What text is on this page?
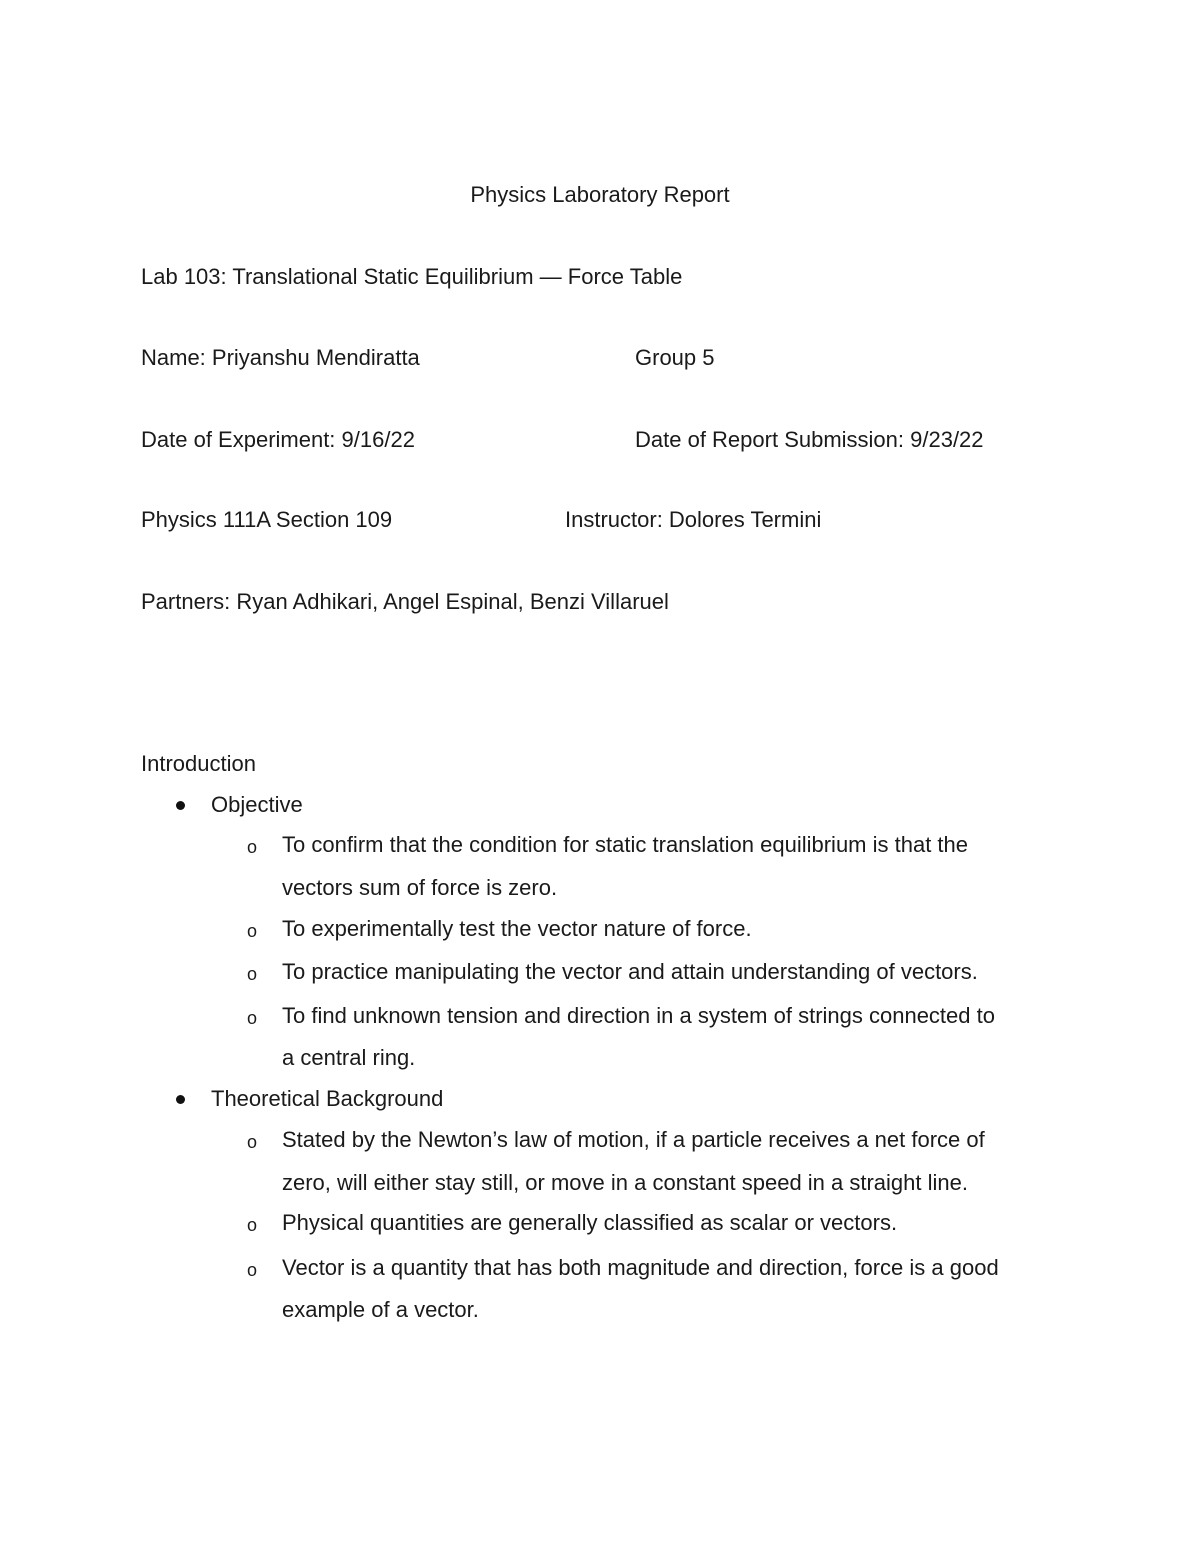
Physics Laboratory Report
Lab 103: Translational Static Equilibrium — Force Table
Name: Priyanshu Mendiratta	Group 5
Date of Experiment: 9/16/22	Date of Report Submission: 9/23/22
Physics 111A Section 109	Instructor: Dolores Termini
Partners: Ryan Adhikari, Angel Espinal, Benzi Villaruel
Introduction
Objective
o To confirm that the condition for static translation equilibrium is that the
vectors sum of force is zero.
o To experimentally test the vector nature of force.
o To practice manipulating the vector and attain understanding of vectors.
o To find unknown tension and direction in a system of strings connected to
a central ring.
Theoretical Background
o Stated by the Newton’s law of motion, if a particle receives a net force of
zero, will either stay still, or move in a constant speed in a straight line.
o Physical quantities are generally classified as scalar or vectors.
o Vector is a quantity that has both magnitude and direction, force is a good
example of a vector.
